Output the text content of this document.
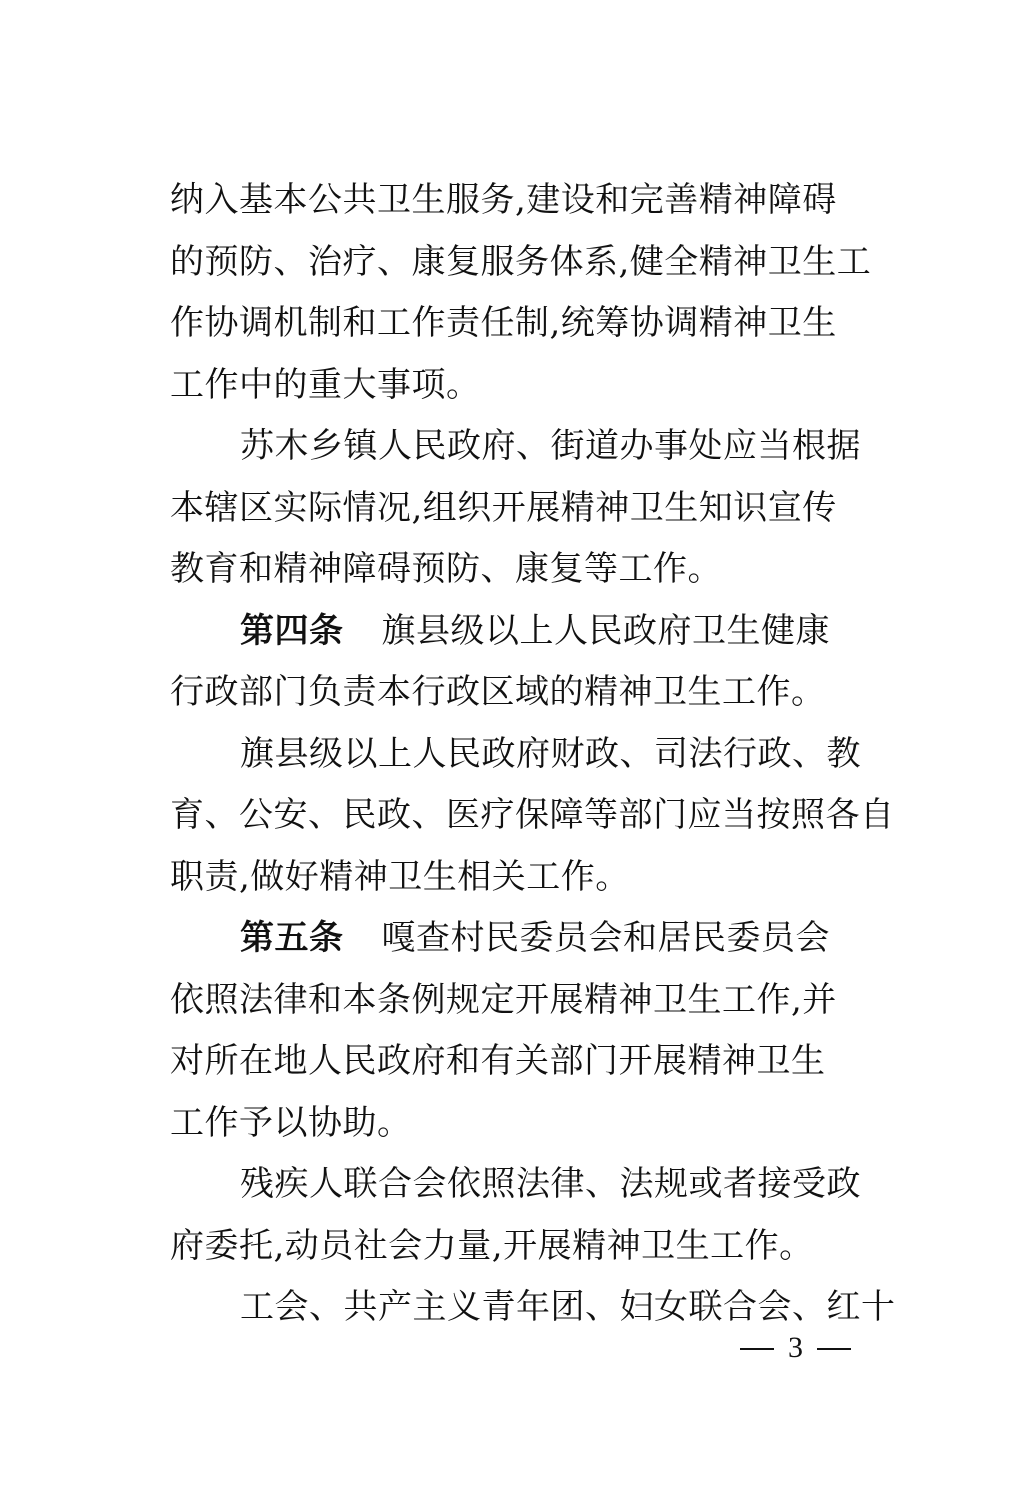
纳入基本公共卫生服务,建设和完善精神障碍
的预防、治疗、康复服务体系,健全精神卫生工
作协调机制和工作责任制,统筹协调精神卫生
工作中的重大事项。
苏木乡镇人民政府、街道办事处应当根据
本辖区实际情况,组织开展精神卫生知识宣传
教育和精神障碍预防、康复等工作。
第四条 旗县级以上人民政府卫生健康
行政部门负责本行政区域的精神卫生工作。
旗县级以上人民政府财政、司法行政、教
育、公安、民政、医疗保障等部门应当按照各自
职责,做好精神卫生相关工作。
第五条 嘎查村民委员会和居民委员会
依照法律和本条例规定开展精神卫生工作,并
对所在地人民政府和有关部门开展精神卫生
工作予以协助。
残疾人联合会依照法律、法规或者接受政
府委托,动员社会力量,开展精神卫生工作。
工会、共产主义青年团、妇女联合会、红十
3
